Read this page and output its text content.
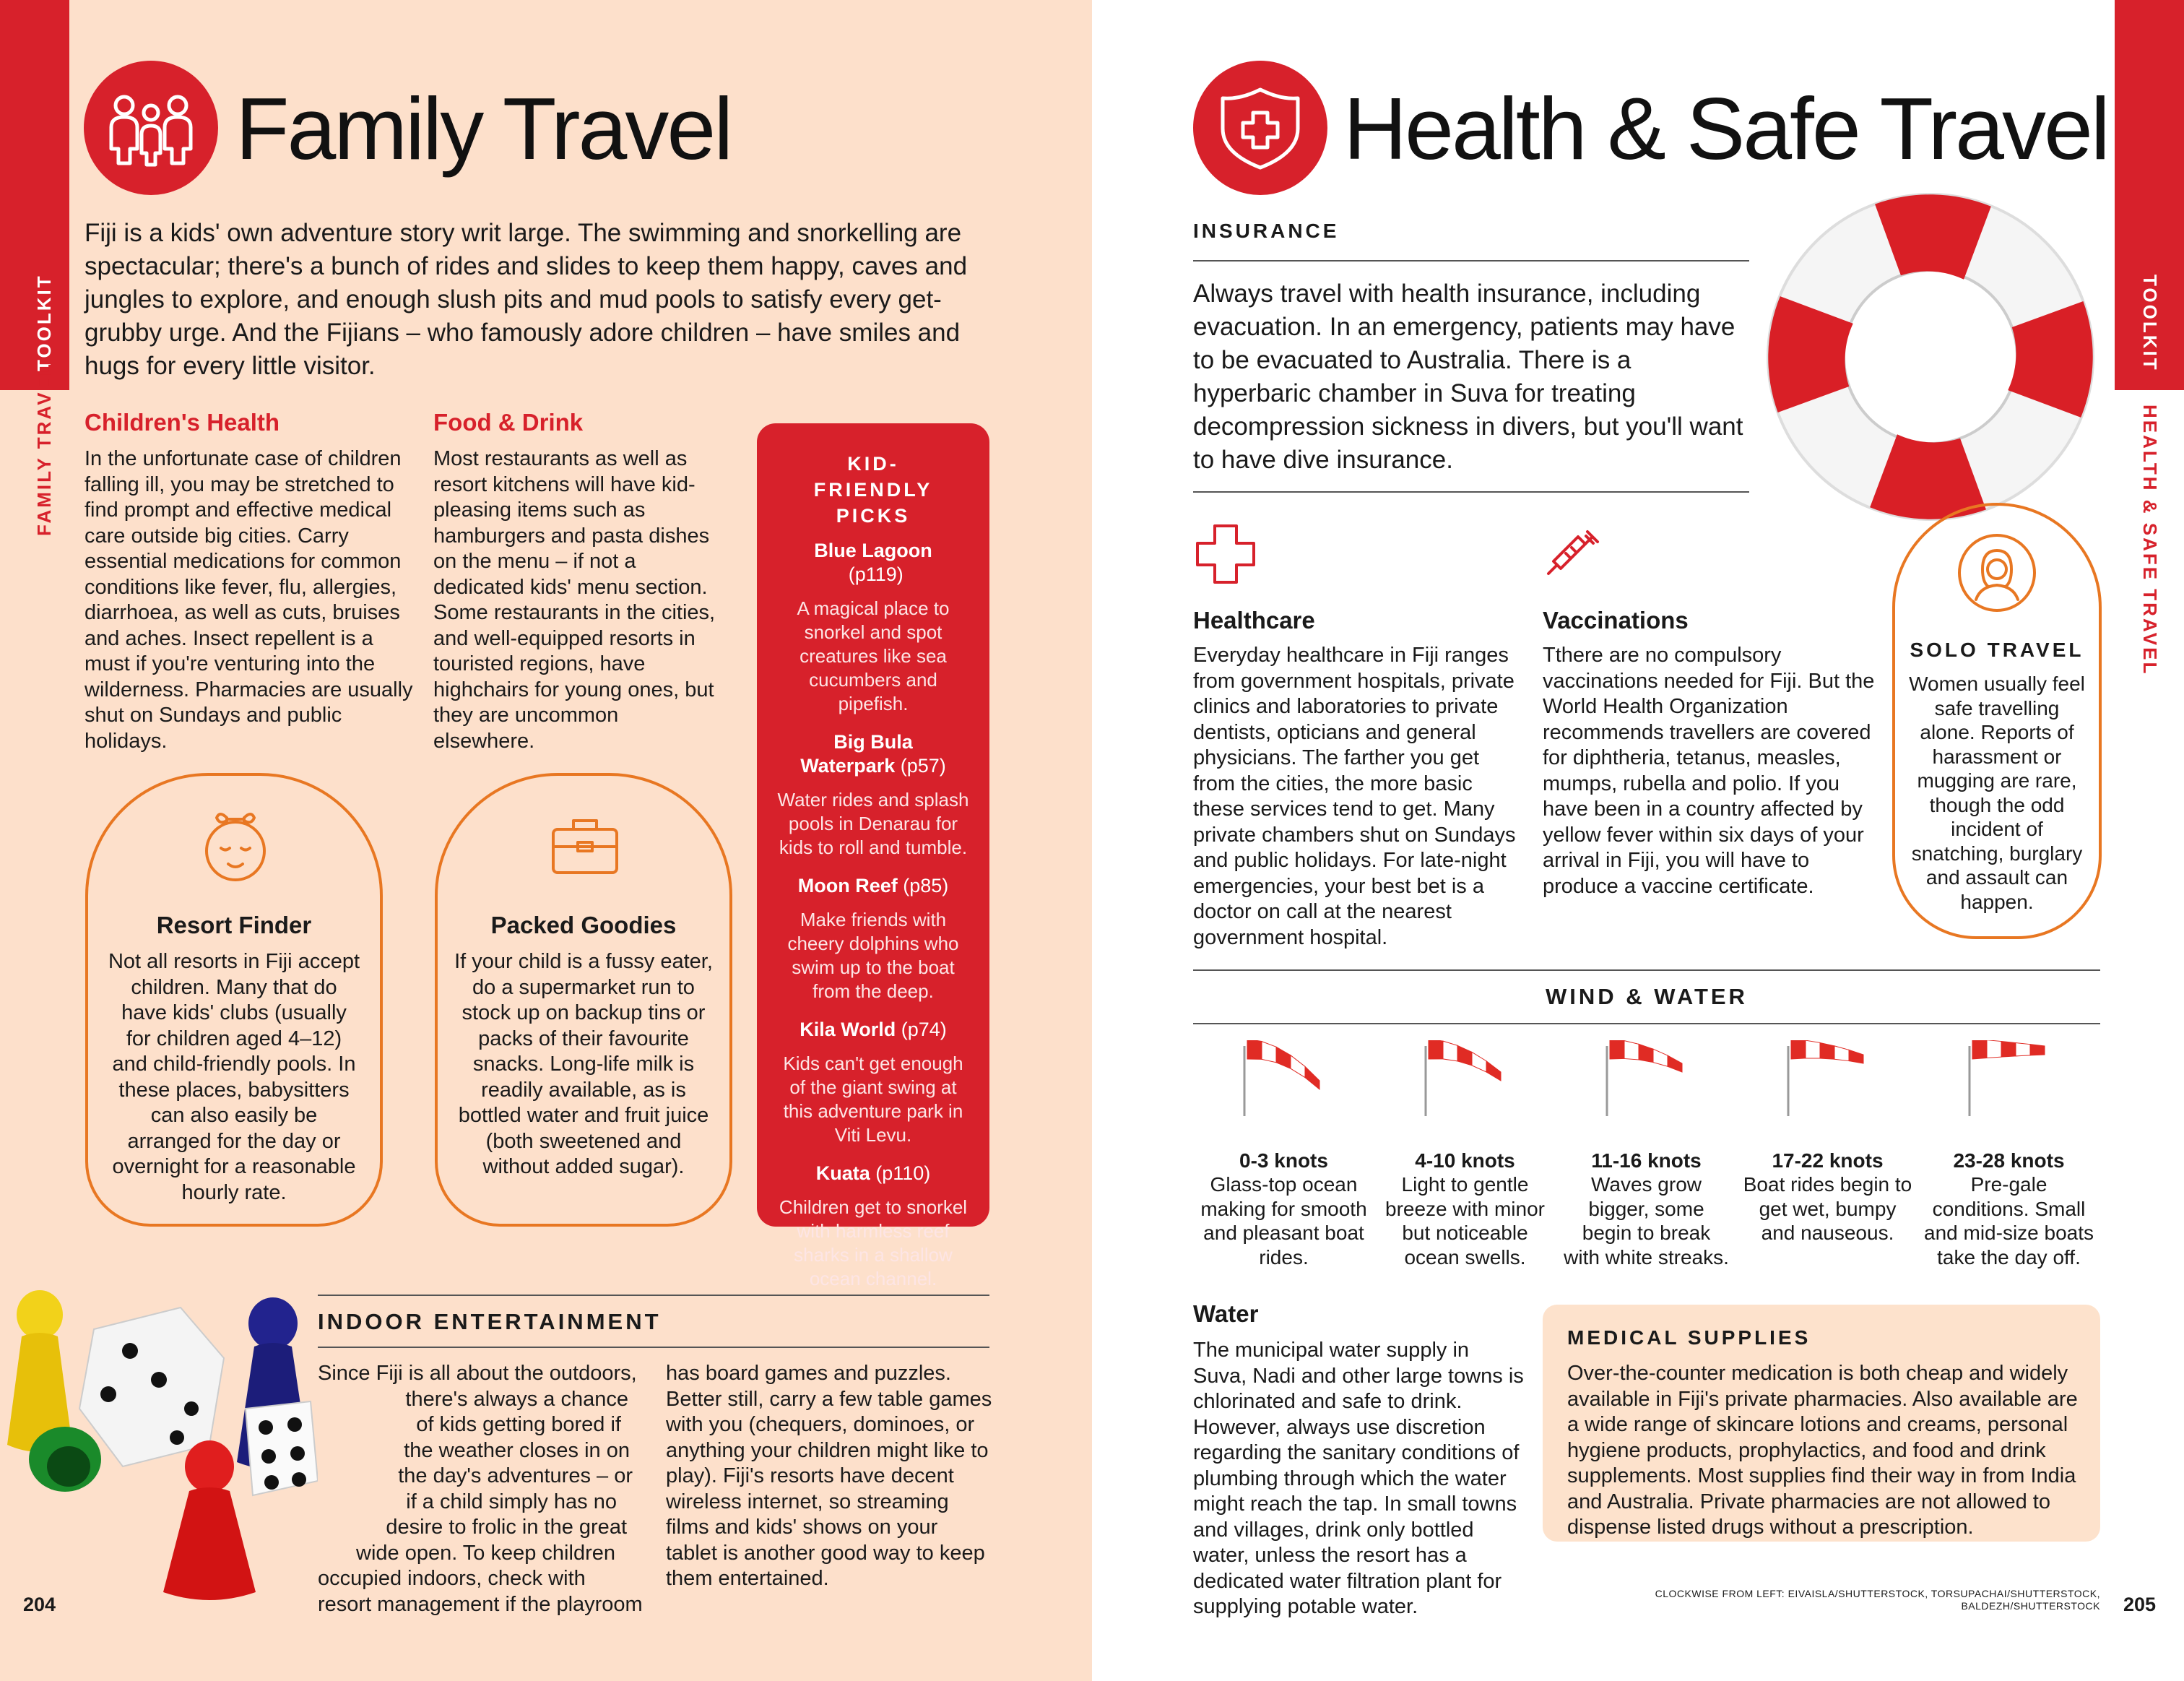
TOOLKIT
FAMILY TRAVEL
Family Travel
Fiji is a kids' own adventure story writ large. The swimming and snorkelling are spectacular; there's a bunch of rides and slides to keep them happy, caves and jungles to explore, and enough slush pits and mud pools to satisfy every get-grubby urge. And the Fijians – who famously adore children – have smiles and hugs for every little visitor.
Children's Health
In the unfortunate case of children falling ill, you may be stretched to find prompt and effective medical care outside big cities. Carry essential medications for common conditions like fever, flu, allergies, diarrhoea, as well as cuts, bruises and aches. Insect repellent is a must if you're venturing into the wilderness. Pharmacies are usually shut on Sundays and public holidays.
Food & Drink
Most restaurants as well as resort kitchens will have kid-pleasing items such as hamburgers and pasta dishes on the menu – if not a dedicated kids' menu section. Some restaurants in the cities, and well-equipped resorts in touristed regions, have highchairs for young ones, but they are uncommon elsewhere.
KID-FRIENDLY PICKS
Blue Lagoon (p119)
A magical place to snorkel and spot creatures like sea cucumbers and pipefish.
Big Bula Waterpark (p57)
Water rides and splash pools in Denarau for kids to roll and tumble.
Moon Reef (p85)
Make friends with cheery dolphins who swim up to the boat from the deep.
Kila World (p74)
Kids can't get enough of the giant swing at this adventure park in Viti Levu.
Kuata (p110)
Children get to snorkel with harmless reef sharks in a shallow ocean channel.
Resort Finder
Not all resorts in Fiji accept children. Many that do have kids' clubs (usually for children aged 4–12) and child-friendly pools. In these places, babysitters can also easily be arranged for the day or overnight for a reasonable hourly rate.
Packed Goodies
If your child is a fussy eater, do a supermarket run to stock up on backup tins or packs of their favourite snacks. Long-life milk is readily available, as is bottled water and fruit juice (both sweetened and without added sugar).
INDOOR ENTERTAINMENT
Since Fiji is all about the outdoors,
there's always a chance
of kids getting bored if
the weather closes in on
the day's adventures – or
if a child simply has no
desire to frolic in the great
wide open. To keep children
occupied indoors, check with
resort management if the playroom
has board games and puzzles. Better still, carry a few table games with you (chequers, dominoes, or anything your children might like to play). Fiji's resorts have decent wireless internet, so streaming films and kids' shows on your tablet is another good way to keep them entertained.
204
TOOLKIT
HEALTH & SAFE TRAVEL
Health & Safe Travel
INSURANCE
Always travel with health insurance, including evacuation. In an emergency, patients may have to be evacuated to Australia. There is a hyperbaric chamber in Suva for treating decompression sickness in divers, but you'll want to have dive insurance.
Healthcare
Everyday healthcare in Fiji ranges from government hospitals, private clinics and laboratories to private dentists, opticians and general physicians. The farther you get from the cities, the more basic these services tend to get. Many private chambers shut on Sundays and public holidays. For late-night emergencies, your best bet is a doctor on call at the nearest government hospital.
Vaccinations
Tthere are no compulsory vaccinations needed for Fiji. But the World Health Organization recommends travellers are covered for diphtheria, tetanus, measles, mumps, rubella and polio. If you have been in a country affected by yellow fever within six days of your arrival in Fiji, you will have to produce a vaccine certificate.
SOLO TRAVEL
Women usually feel safe travelling alone. Reports of harassment or mugging are rare, though the odd incident of snatching, burglary and assault can happen.
WIND & WATER
0-3 knots
Glass-top ocean making for smooth and pleasant boat rides.
4-10 knots
Light to gentle breeze with minor but noticeable ocean swells.
11-16 knots
Waves grow bigger, some begin to break with white streaks.
17-22 knots
Boat rides begin to get wet, bumpy and nauseous.
23-28 knots
Pre-gale conditions. Small and mid-size boats take the day off.
Water
The municipal water supply in Suva, Nadi and other large towns is chlorinated and safe to drink. However, always use discretion regarding the sanitary conditions of plumbing through which the water might reach the tap. In small towns and villages, drink only bottled water, unless the resort has a dedicated water filtration plant for supplying potable water.
MEDICAL SUPPLIES
Over-the-counter medication is both cheap and widely available in Fiji's private pharmacies. Also available are a wide range of skincare lotions and creams, personal hygiene products, prophylactics, and food and drink supplements. Most supplies find their way in from India and Australia. Private pharmacies are not allowed to dispense listed drugs without a prescription.
CLOCKWISE FROM LEFT: EIVAISLA/SHUTTERSTOCK, TORSUPACHAI/SHUTTERSTOCK,
BALDEZH/SHUTTERSTOCK 205
